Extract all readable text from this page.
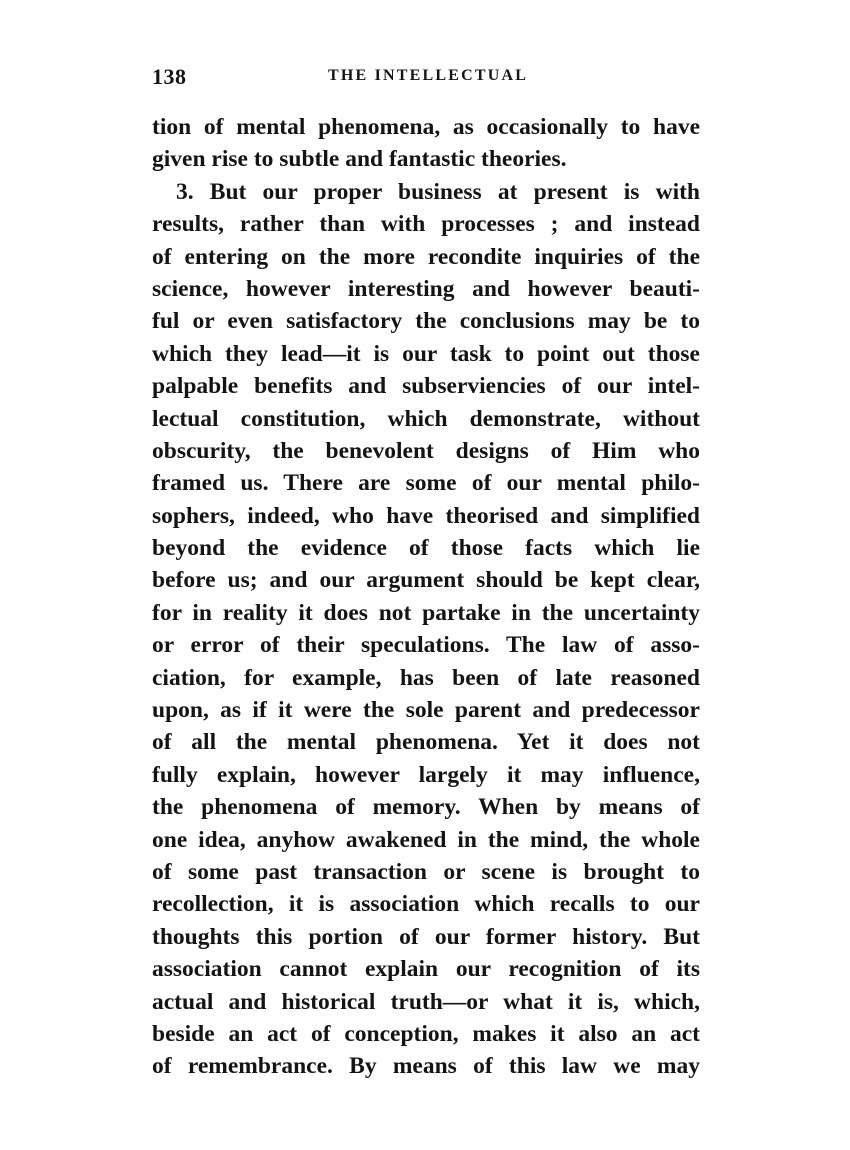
138	THE INTELLECTUAL
tion of mental phenomena, as occasionally to have
given rise to subtle and fantastic theories.
3. But our proper business at present is with
results, rather than with processes ; and instead
of entering on the more recondite inquiries of the
science, however interesting and however beauti-
ful or even satisfactory the conclusions may be to
which they lead—it is our task to point out those
palpable benefits and subserviencies of our intel-
lectual constitution, which demonstrate, without
obscurity, the benevolent designs of Him who
framed us. There are some of our mental philo-
sophers, indeed, who have theorised and simplified
beyond the evidence of those facts which lie
before us; and our argument should be kept clear,
for in reality it does not partake in the uncertainty
or error of their speculations. The law of asso-
ciation, for example, has been of late reasoned
upon, as if it were the sole parent and predecessor
of all the mental phenomena. Yet it does not
fully explain, however largely it may influence,
the phenomena of memory. When by means of
one idea, anyhow awakened in the mind, the whole
of some past transaction or scene is brought to
recollection, it is association which recalls to our
thoughts this portion of our former history. But
association cannot explain our recognition of its
actual and historical truth—or what it is, which,
beside an act of conception, makes it also an act
of remembrance. By means of this law we may
